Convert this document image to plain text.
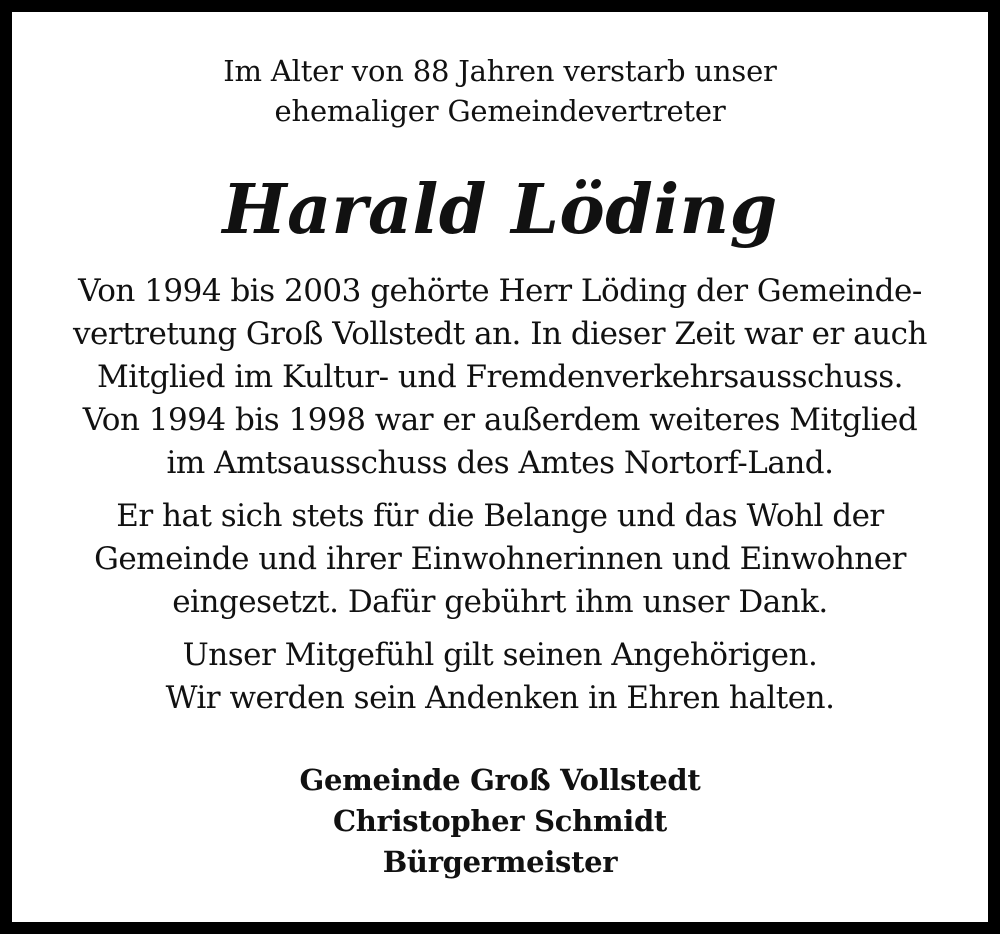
Im Alter von 88 Jahren verstarb unser

ehemaliger Gemeindevertreter

Harald Löding

Von 1994 bis 2003 gehörte Herr Löding der Gemeinde-

vertretung Groß Vollstedt an. In dieser Zeit war er auch

Mitglied im Kultur- und Fremdenverkehrsausschuss.

Von 1994 bis 1998 war er außerdem weiteres Mitglied

im Amtsausschuss des Amtes Nortorf-Land.

Er hat sich stets für die Belange und das Wohl der

Gemeinde und ihrer Einwohnerinnen und Einwohner

eingesetzt. Dafür gebührt ihm unser Dank.

Unser Mitgefühl gilt seinen Angehörigen.

Wir werden sein Andenken in Ehren halten.

Gemeinde Groß Vollstedt

Christopher Schmidt

Bürgermeister
